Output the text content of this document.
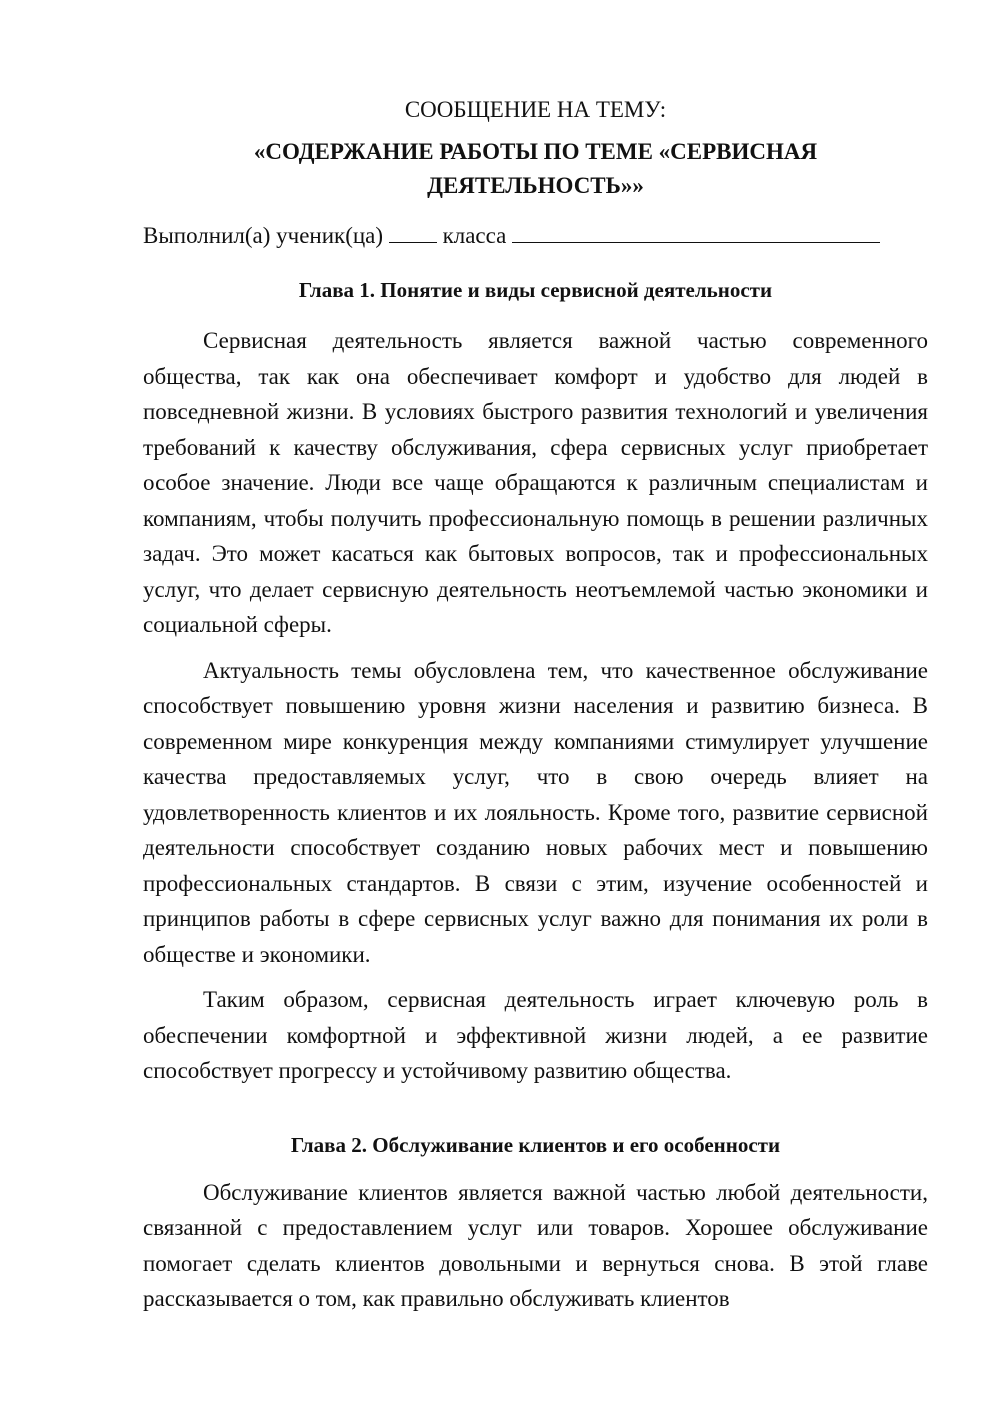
СООБЩЕНИЕ НА ТЕМУ:

«СОДЕРЖАНИЕ РАБОТЫ ПО ТЕМЕ «СЕРВИСНАЯ ДЕЯТЕЛЬНОСТЬ»»

Выполнил(а) ученик(ца)	класса

Глава 1. Понятие и виды сервисной деятельности

Сервисная деятельность является важной частью современного общества, так как она обеспечивает комфорт и удобство для людей в повседневной жизни. В условиях быстрого развития технологий и увеличения требований к качеству обслуживания, сфера сервисных услуг приобретает особое значение. Люди все чаще обращаются к различным специалистам и компаниям, чтобы получить профессиональную помощь в решении различных задач. Это может касаться как бытовых вопросов, так и профессиональных услуг, что делает сервисную деятельность неотъемлемой частью экономики и социальной сферы.

Актуальность темы обусловлена тем, что качественное обслуживание способствует повышению уровня жизни населения и развитию бизнеса. В современном мире конкуренция между компаниями стимулирует улучшение качества предоставляемых услуг, что в свою очередь влияет на удовлетворенность клиентов и их лояльность. Кроме того, развитие сервисной деятельности способствует созданию новых рабочих мест и повышению профессиональных стандартов. В связи с этим, изучение особенностей и принципов работы в сфере сервисных услуг важно для понимания их роли в обществе и экономики.

Таким образом, сервисная деятельность играет ключевую роль в обеспечении комфортной и эффективной жизни людей, а ее развитие способствует прогрессу и устойчивому развитию общества.

Глава 2. Обслуживание клиентов и его особенности

Обслуживание клиентов является важной частью любой деятельности, связанной с предоставлением услуг или товаров. Хорошее обслуживание помогает сделать клиентов довольными и вернуться снова. В этой главе рассказывается о том, как правильно обслуживать клиентов
